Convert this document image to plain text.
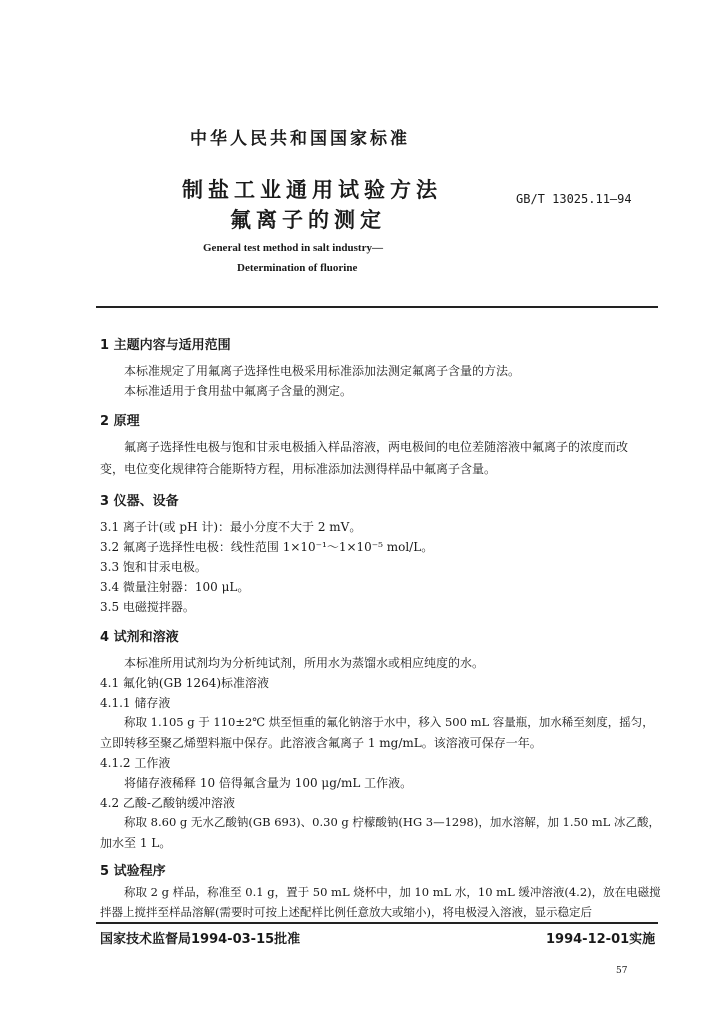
中华人民共和国国家标准
制盐工业通用试验方法
氟离子的测定
GB/T 13025.11—94
General test method in salt industry—
Determination of fluorine
1 主题内容与适用范围
本标准规定了用氟离子选择性电极采用标准添加法测定氟离子含量的方法。
本标准适用于食用盐中氟离子含量的测定。
2 原理
氟离子选择性电极与饱和甘汞电极插入样品溶液，两电极间的电位差随溶液中氟离子的浓度而改
变，电位变化规律符合能斯特方程，用标准添加法测得样品中氟离子含量。
3 仪器、设备
3.1 离子计(或 pH 计)：最小分度不大于 2 mV。
3.2 氟离子选择性电极：线性范围 1×10⁻¹～1×10⁻⁵ mol/L。
3.3 饱和甘汞电极。
3.4 微量注射器：100 μL。
3.5 电磁搅拌器。
4 试剂和溶液
本标准所用试剂均为分析纯试剂，所用水为蒸馏水或相应纯度的水。
4.1 氟化钠(GB 1264)标准溶液
4.1.1 储存液
称取 1.105 g 于 110±2℃ 烘至恒重的氟化钠溶于水中，移入 500 mL 容量瓶，加水稀至刻度，摇匀，
立即转移至聚乙烯塑料瓶中保存。此溶液含氟离子 1 mg/mL。该溶液可保存一年。
4.1.2 工作液
将储存液稀释 10 倍得氟含量为 100 μg/mL 工作液。
4.2 乙酸-乙酸钠缓冲溶液
称取 8.60 g 无水乙酸钠(GB 693)、0.30 g 柠檬酸钠(HG 3—1298)，加水溶解，加 1.50 mL 冰乙酸，
加水至 1 L。
5 试验程序
称取 2 g 样品，称准至 0.1 g，置于 50 mL 烧杯中，加 10 mL 水，10 mL 缓冲溶液(4.2)，放在电磁搅
拌器上搅拌至样品溶解(需要时可按上述配样比例任意放大或缩小)，将电极浸入溶液，显示稳定后
国家技术监督局1994-03-15批准	1994-12-01实施
57
